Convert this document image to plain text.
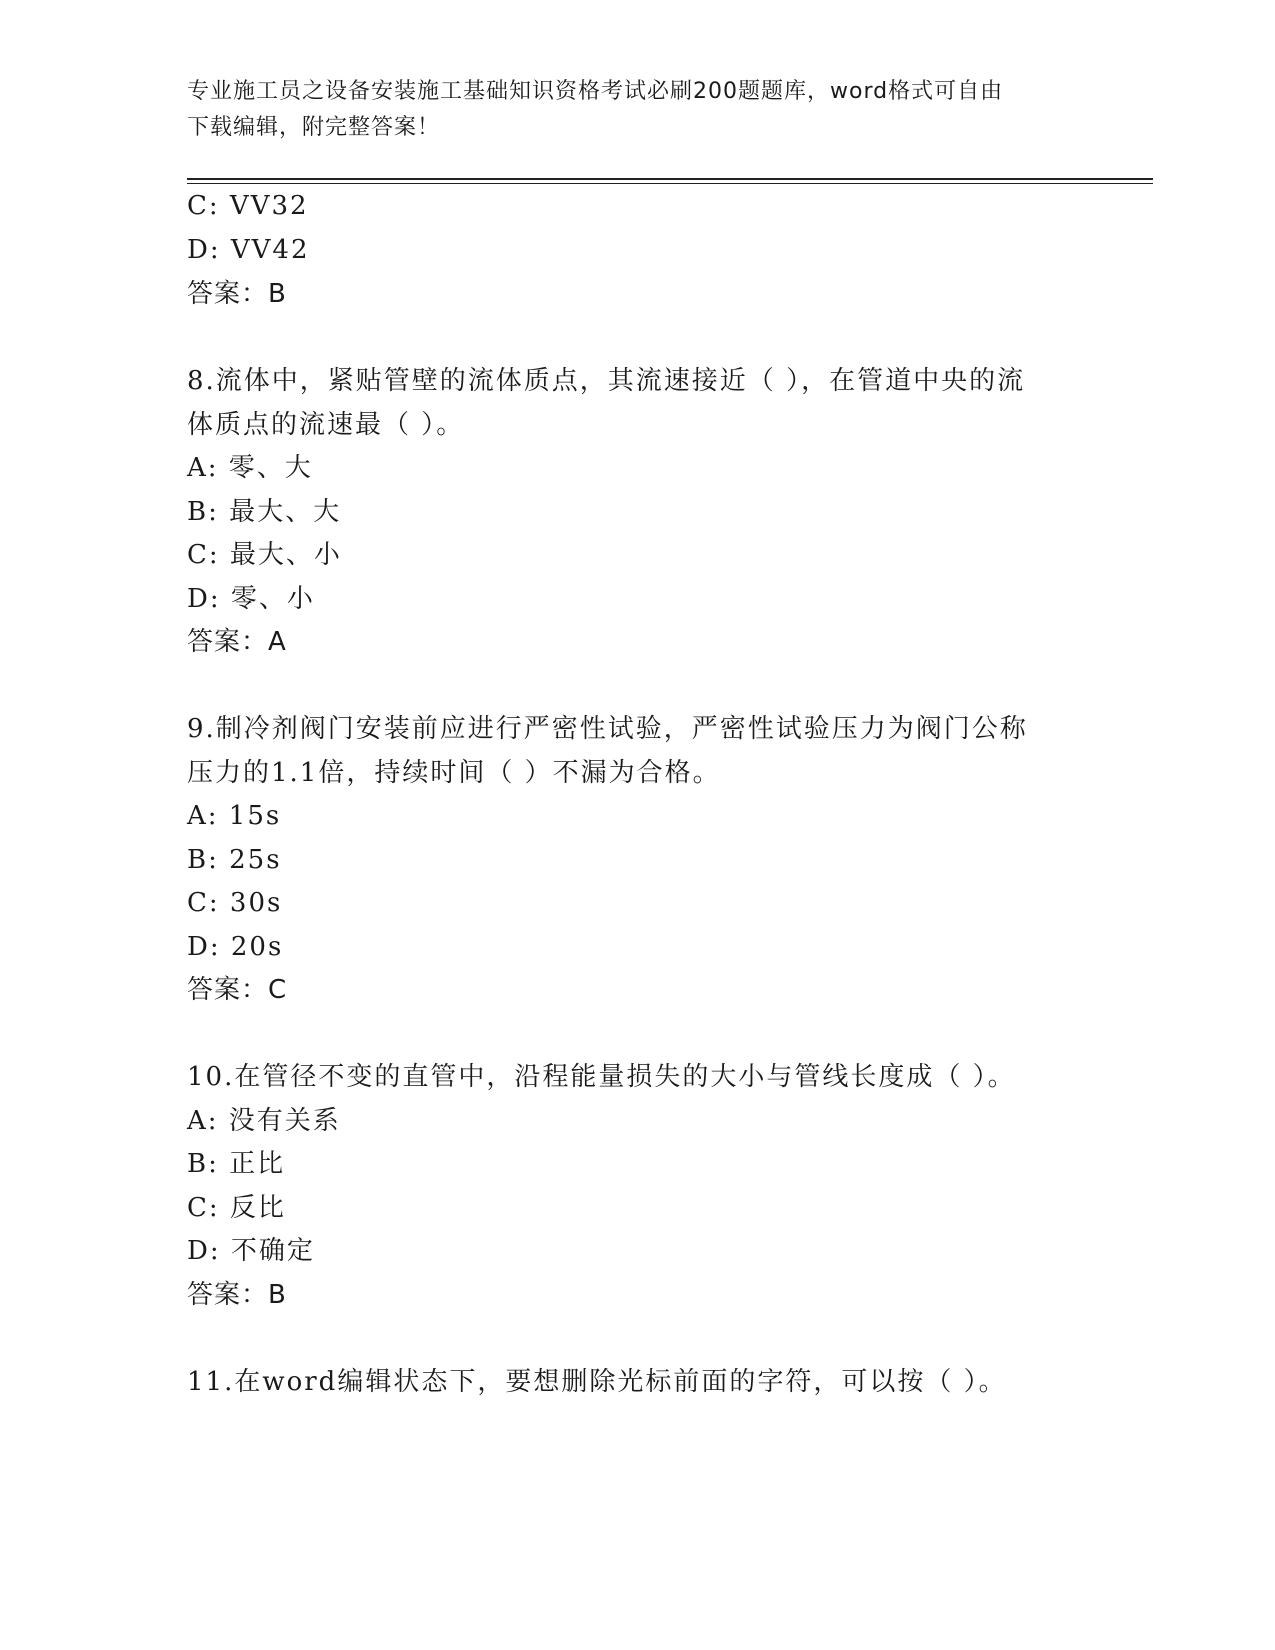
专业施工员之设备安装施工基础知识资格考试必刷200题题库，word格式可自由
下载编辑，附完整答案！
C: VV32
D: VV42
答案：B
8.流体中，紧贴管壁的流体质点，其流速接近（ ），在管道中央的流
体质点的流速最（ ）。
A: 零、大
B: 最大、大
C: 最大、小
D: 零、小
答案：A
9.制冷剂阀门安装前应进行严密性试验，严密性试验压力为阀门公称
压力的1.1倍，持续时间（ ）不漏为合格。
A: 15s
B: 25s
C: 30s
D: 20s
答案：C
10.在管径不变的直管中，沿程能量损失的大小与管线长度成（ ）。
A: 没有关系
B: 正比
C: 反比
D: 不确定
答案：B
11.在word编辑状态下，要想删除光标前面的字符，可以按（ ）。
